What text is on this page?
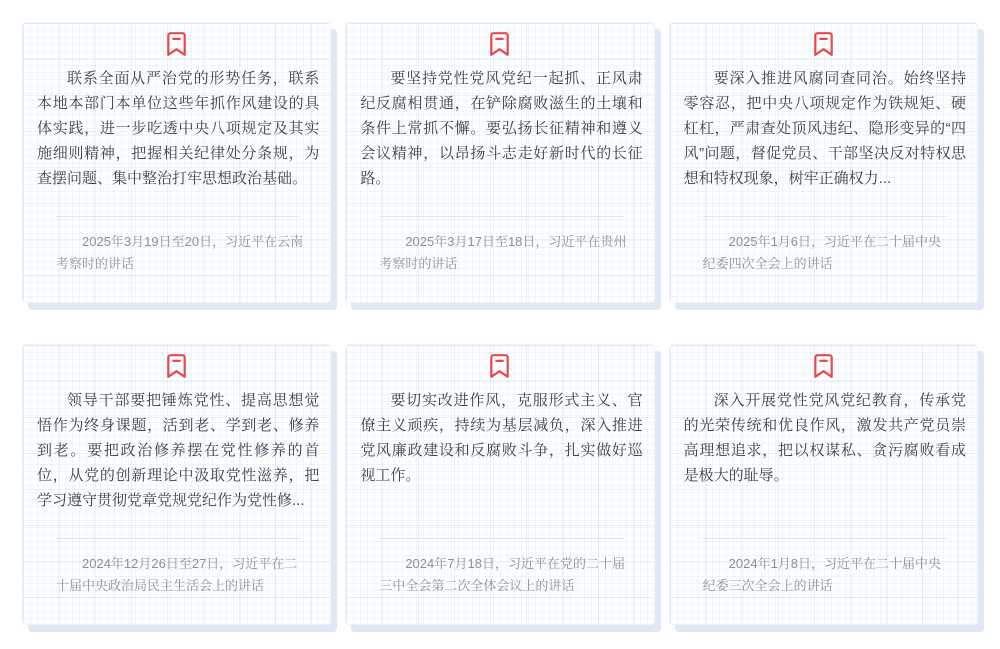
联系全面从严治党的形势任务，联系本地本部门本单位这些年抓作风建设的具体实践，进一步吃透中央八项规定及其实施细则精神，把握相关纪律处分条规，为查摆问题、集中整治打牢思想政治基础。

2025年3月19日至20日，习近平在云南考察时的讲话

要坚持党性党风党纪一起抓、正风肃纪反腐相贯通，在铲除腐败滋生的土壤和条件上常抓不懈。要弘扬长征精神和遵义会议精神，以昂扬斗志走好新时代的长征路。

2025年3月17日至18日，习近平在贵州考察时的讲话

要深入推进风腐同查同治。始终坚持零容忍，把中央八项规定作为铁规矩、硬杠杠，严肃查处顶风违纪、隐形变异的“四风”问题，督促党员、干部坚决反对特权思想和特权现象，树牢正确权力...

2025年1月6日，习近平在二十届中央纪委四次全会上的讲话

领导干部要把锤炼党性、提高思想觉悟作为终身课题，活到老、学到老、修养到老。要把政治修养摆在党性修养的首位，从党的创新理论中汲取党性滋养，把学习遵守贯彻党章党规党纪作为党性修...

2024年12月26日至27日，习近平在二十届中央政治局民主生活会上的讲话

要切实改进作风，克服形式主义、官僚主义顽疾，持续为基层减负，深入推进党风廉政建设和反腐败斗争，扎实做好巡视工作。

2024年7月18日，习近平在党的二十届三中全会第二次全体会议上的讲话

深入开展党性党风党纪教育，传承党的光荣传统和优良作风，激发共产党员崇高理想追求，把以权谋私、贪污腐败看成是极大的耻辱。

2024年1月8日，习近平在二十届中央纪委三次全会上的讲话
